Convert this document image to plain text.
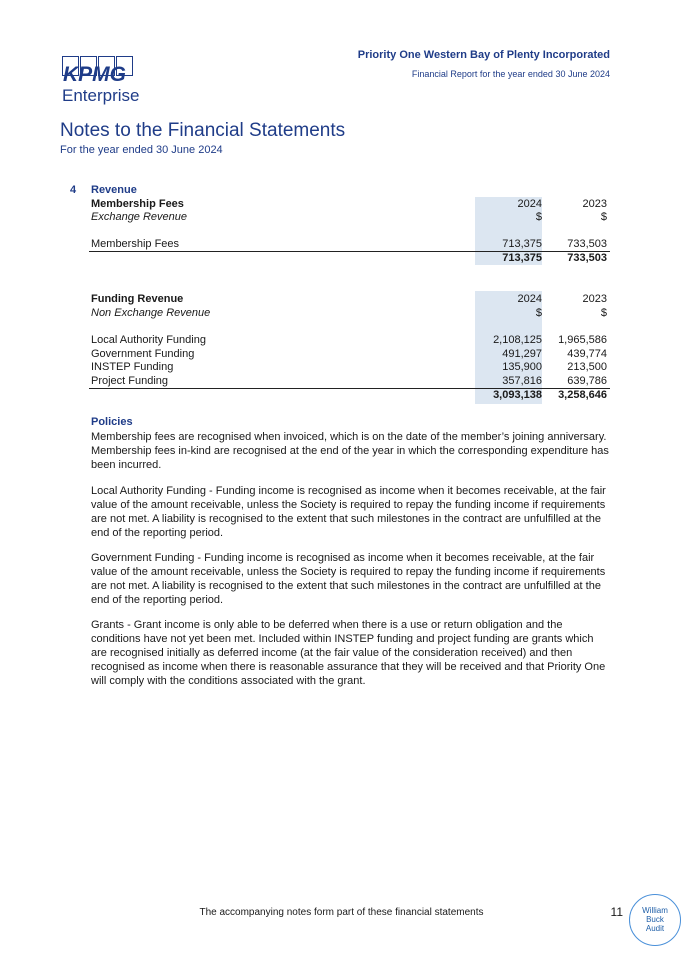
KPMG
Enterprise
Priority One Western Bay of Plenty Incorporated
Financial Report for the year ended 30 June 2024
Notes to the Financial Statements
For the year ended 30 June 2024
4 Revenue
Membership Fees
Exchange Revenue
2024	2023
$	$
Membership Fees	713,375	733,503
713,375	733,503
Funding Revenue
Non Exchange Revenue
2024	2023
$	$
Local Authority Funding	2,108,125	1,965,586
Government Funding	491,297	439,774
INSTEP Funding	135,900	213,500
Project Funding	357,816	639,786
3,093,138	3,258,646
Policies
Membership fees are recognised when invoiced, which is on the date of the member’s joining anniversary. Membership fees in-kind are recognised at the end of the year in which the corresponding expenditure has been incurred.
Local Authority Funding - Funding income is recognised as income when it becomes receivable, at the fair value of the amount receivable, unless the Society is required to repay the funding income if requirements are not met. A liability is recognised to the extent that such milestones in the contract are unfulfilled at the end of the reporting period.
Government Funding - Funding income is recognised as income when it becomes receivable, at the fair value of the amount receivable, unless the Society is required to repay the funding income if requirements are not met. A liability is recognised to the extent that such milestones in the contract are unfulfilled at the end of the reporting period.
Grants - Grant income is only able to be deferred when there is a use or return obligation and the conditions have not yet been met. Included within INSTEP funding and project funding are grants which are recognised initially as deferred income (at the fair value of the consideration received) and then recognised as income when there is reasonable assurance that they will be received and that Priority One will comply with the conditions associated with the grant.
The accompanying notes form part of these financial statements	11	William
Buck
Audit
